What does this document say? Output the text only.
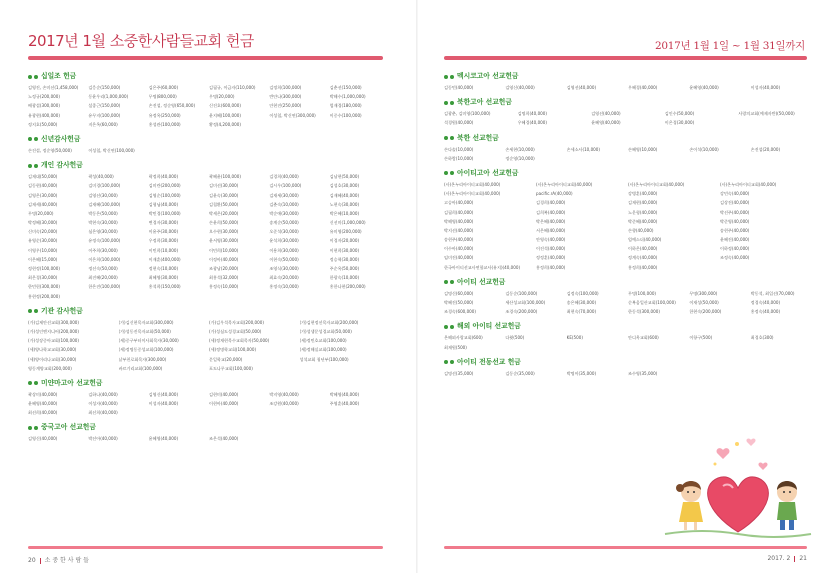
2017년 1월 소중한사람들교회 헌금
십일조 헌금
김영진, 손미선(1,458,000)	김응순(150,000)	김은주(60,000)	김필규, 이금자(110,000)	김정희(100,000)	김춘선(150,000)
노정규(200,000)	동윤우리(1,000,000)	무명(800,000)	우명(20,000)	반안나(300,000)	박해수(1,000,000)
배광섭(300,000)	설종근(150,000)	손진섭, 정순영(650,000)	신진호(600,000)	안현진(250,000)	엄재경(180,000)
유광현(400,000)	유무지(100,000)	유정옥(250,000)	윤지혜(100,000)	이성철, 박신연(300,000)	이중수(100,000)
정지호(50,000)	지은옥(60,000)	홍성관(100,000)	황정(4,200,000)
신년감사헌금
손진섭, 정순영(50,000)	이성철, 박신연(100,000)
개인 감사헌금
김재대(50,000)	곽성(40,000)	곽정희(40,000)	곽혜윤(100,000)	김경희(40,000)	김남현(50,000)
김동현(40,000)	김미경(100,000)	김미란(200,000)	김미선(30,000)	김시우(100,000)	김성호(30,000)
김영은(30,000)	김영선(30,000)	김영순(100,000)	김윤숙(30,000)	김재세(30,000)	김재혜(40,000)
김재세(40,000)	김재혜(100,000)	김형님(40,000)	김철환(50,000)	김춘숙(10,000)	노현숙(30,000)
무명(20,000)	박동은(50,000)	박민경(100,000)	박세은(20,000)	박순애(30,000)	박은혜(10,000)
박정혜(30,000)	박현숙(30,000)	변경자(30,000)	손윤희(50,000)	송계순(50,000)	신선미(1,000,000)
신미숙(20,000)	심은영(30,000)	이윤주(30,000)	오수현(30,000)	오준석(30,000)	유미영(200,000)
유영순(30,000)	유정숙(100,000)	우정희(30,000)	윤서영(30,000)	윤석희(30,000)	이경자(20,000)
이영우(10,000)	이주희(30,000)	이민희(10,000)	이민희(10,000)	이용희(30,000)	이현희(30,000)
이은혜(15,000)	이은희(100,000)	이재훈(400,000)	이정아(40,000)	이현숙(50,000)	정승혁(30,000)
정현정(100,000)	정선숙(50,000)	정현숙(10,000)	조광남(20,000)	조영식(30,000)	주순옥(50,000)
최은경(30,000)	최진혜(20,000)	최혜영(30,000)	최홍석(32,000)	최효숙(20,000)	한광숙(10,000)
한민헌(300,000)	한은진(100,000)	홍석희(150,000)	홍정숙(10,000)	홍정숙(10,000)	홍한나현(200,000)
홍현정(200,000)
기관 감사헌금
(가)김제안선교회(300,000)	(가)김신현목자교회(300,000)	(가)김우석목자교회(200,000)	(가)김현정선목자교회(200,000)
(가)성인엔지니어(200,000)	(가)성동진목자교회(50,000)	(가)성심도성경교회(50,000)	(가)성생문성경교회(50,000)
(가)성장중아교회(100,000)	(세)중구부터이사회목자(30,000)	(세)정재현목수교회목자(50,000)	(세)정민호교회(100,000)
(세)양나학교교회(30,000)	(세)정명동중성교회(100,000)	(세)정명학교회(100,000)	(세)정해실교회(100,000)
(세)양이리나교회(30,000)	날부천로회목자(300,000)	문일학교(20,000)	성석교회 청년부(100,000)
영동계양교회(200,000)	바르기리교회(100,000)	포도나무교회(100,000)
미얀마고아 선교헌금
곽상미(40,000)	김하나(40,000)	김영신(40,000)	김현미(40,000)	박지영(40,000)	박혜영(40,000)
윤혜영(40,000)	이성자(40,000)	이성자(40,000)	이현아(40,000)	조강원(40,000)	주영훈(40,000)
최선희(40,000)	최선희(40,000)
중국고아 선교헌금
김영신(40,000)	박선아(40,000)	윤혜영(40,000)	조은석(40,000)
20 소 중 한 사 람 들
2017년 1월 1일 ~ 1월 31일까지
멕시코고아 선교헌금
김동민(40,000)	김영신(40,000)	김영선(40,000)	우혜경(40,000)	윤혜영(40,000)	이성자(40,000)
북한고아 선교헌금
김광춘, 김미영(100,000)	김명희(40,000)	김영선(40,000)	김인수(50,000)	사랑의교회(예제자반)(50,000)
석경원(40,000)	우혜경(40,000)	윤혜영(40,000)	이은경(30,000)
북한 선교헌금
손다솔(10,000)	손세현(10,000)	손세소사(10,000)	손혜영(10,000)	손이석(10,000)	손진섭(20,000)
손하람(10,000)	정순영(10,000)
아이티고아 선교헌금
(사)온누리아이티교회(40,000)	(사)온누리아이티교회(40,000)	(사)온누리아이티교회(40,000)	(사)온누리아이티교회(40,000)
(사)온누리아이티교회(40,000)	pacific.rA(40,000)	강병훈(40,000)	강민숙(40,000)
고승아(40,000)	김경희(40,000)	김재현(40,000)	김상진(40,000)
김필희(40,000)	김희복(40,000)	노운형(40,000)	박선주(40,000)
박해영(40,000)	박은혜(40,000)	박준혜(40,000)	박준영(40,000)
박지선(40,000)	서은혜(40,000)	손향(40,000)	송현주(40,000)
송현주(40,000)	안영숙(40,000)	엄예스더(40,000)	윤혜진(40,000)
이수아(40,000)	이진석(40,000)	이하은(40,000)	이하정(40,000)
임미진(40,000)	정정훈(40,000)	정계숙(40,000)	조정숙(40,000)
한국아이티선교사연합교사(유지)(40,000)	홍정희(40,000)	홍정희(40,000)
아이티 선교헌금
김명신(60,000)	김동순(100,000)	김정숙(100,000)	무명(100,000)	무명(300,000)	박동석, 최입선(70,000)
박혜진(50,000)	세산성교회(100,000)	송은혜(30,000)	순복음일산교회(100,000)	이재성(50,000)	정경숙(40,000)
조경숙(600,000)	조경숙(200,000)	최현숙(70,000)	한동석(300,000)	한현숙(200,000)	홍정숙(40,000)
해외 아이티 선교헌금
온해외사랑교회(600)	다윗(500)	KE(500)	안디옥교회(600)	이항구(500)	최경호(300)
최재원(500)
아이티 전동선교 헌금
김명선(35,000)	김동순(35,000)	박명이(35,000)	조수영(35,000)
2017. 2 21
